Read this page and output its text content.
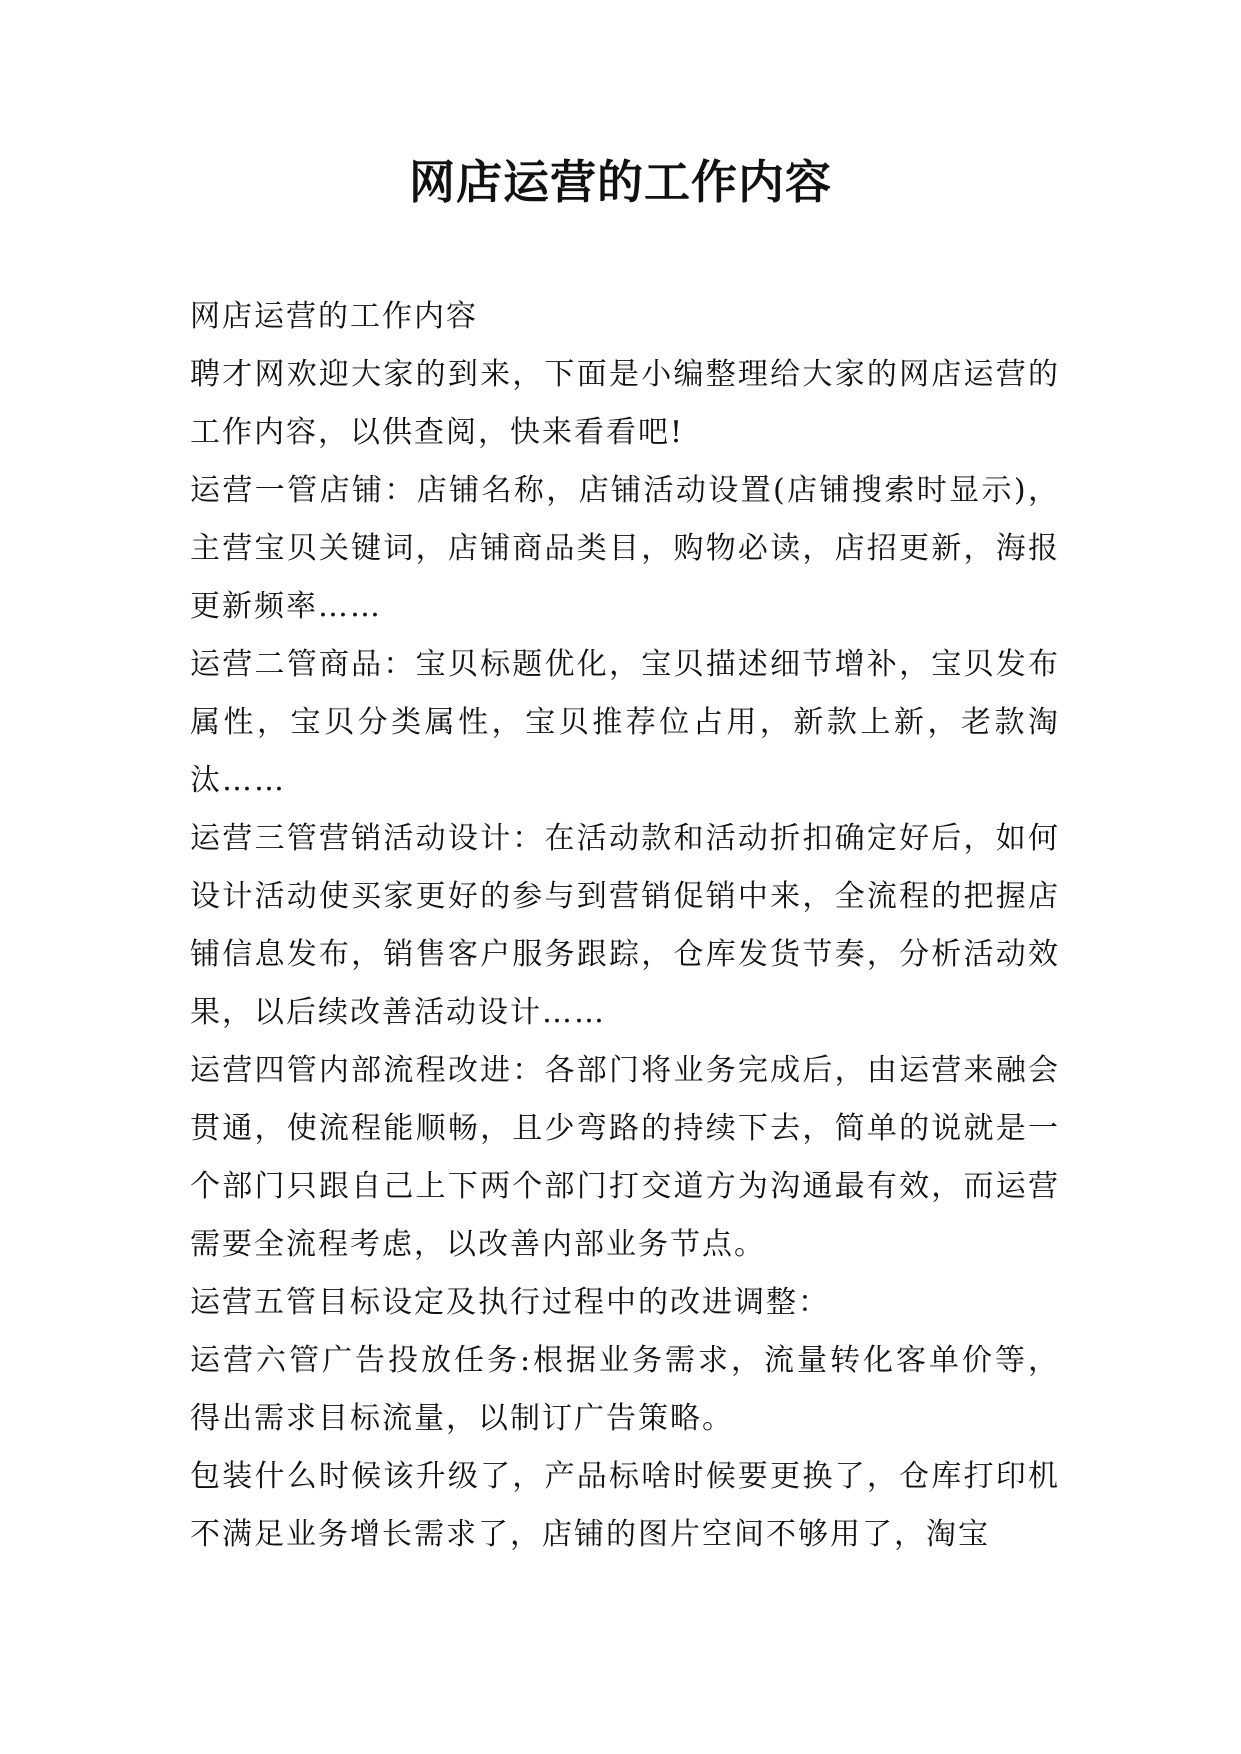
网店运营的工作内容

网店运营的工作内容

聘才网欢迎大家的到来，下面是小编整理给大家的网店运营的工作内容，以供查阅，快来看看吧!

运营一管店铺：店铺名称，店铺活动设置(店铺搜索时显示)，主营宝贝关键词，店铺商品类目，购物必读，店招更新，海报更新频率……

运营二管商品：宝贝标题优化，宝贝描述细节增补，宝贝发布属性，宝贝分类属性，宝贝推荐位占用，新款上新，老款淘汰……

运营三管营销活动设计：在活动款和活动折扣确定好后，如何设计活动使买家更好的参与到营销促销中来，全流程的把握店铺信息发布，销售客户服务跟踪，仓库发货节奏，分析活动效果，以后续改善活动设计……

运营四管内部流程改进：各部门将业务完成后，由运营来融会贯通，使流程能顺畅，且少弯路的持续下去，简单的说就是一个部门只跟自己上下两个部门打交道方为沟通最有效，而运营需要全流程考虑，以改善内部业务节点。

运营五管目标设定及执行过程中的改进调整：

运营六管广告投放任务:根据业务需求，流量转化客单价等，得出需求目标流量，以制订广告策略。

包装什么时候该升级了，产品标啥时候要更换了，仓库打印机不满足业务增长需求了，店铺的图片空间不够用了，淘宝
